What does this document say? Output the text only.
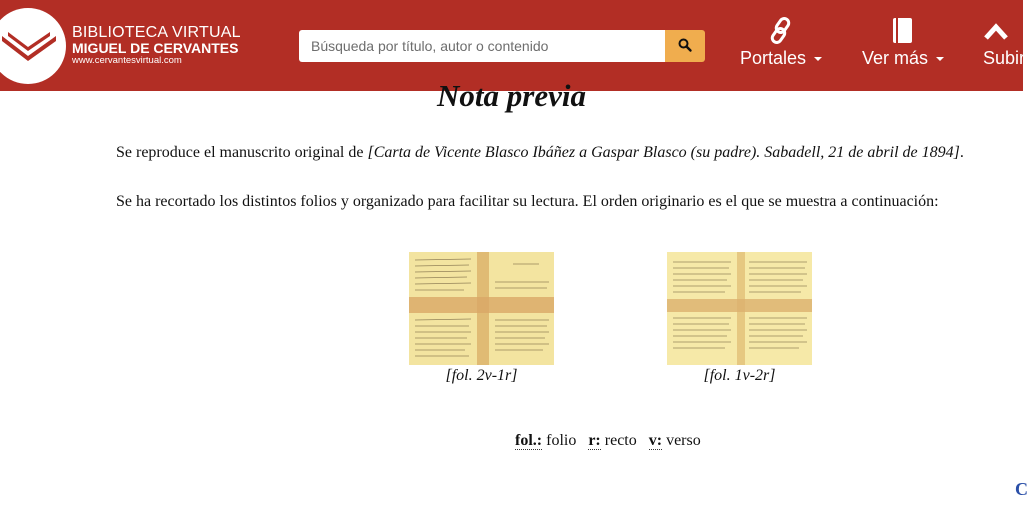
BIBLIOTECA VIRTUAL
MIGUEL DE CERVANTES
www.cervantesvirtual.com
Búsqueda por título, autor o contenido	Portales	Ver más	Subir
Nota previa

Se reproduce el manuscrito original de [Carta de Vicente Blasco Ibáñez a Gaspar Blasco (su padre). Sabadell, 21 de abril de 1894].

Se ha recortado los distintos folios y organizado para facilitar su lectura. El orden originario es el que se muestra a continuación:

[fol. 2v-1r]	[fol. 1v-2r]
fol.: folio r: recto v: verso
C
